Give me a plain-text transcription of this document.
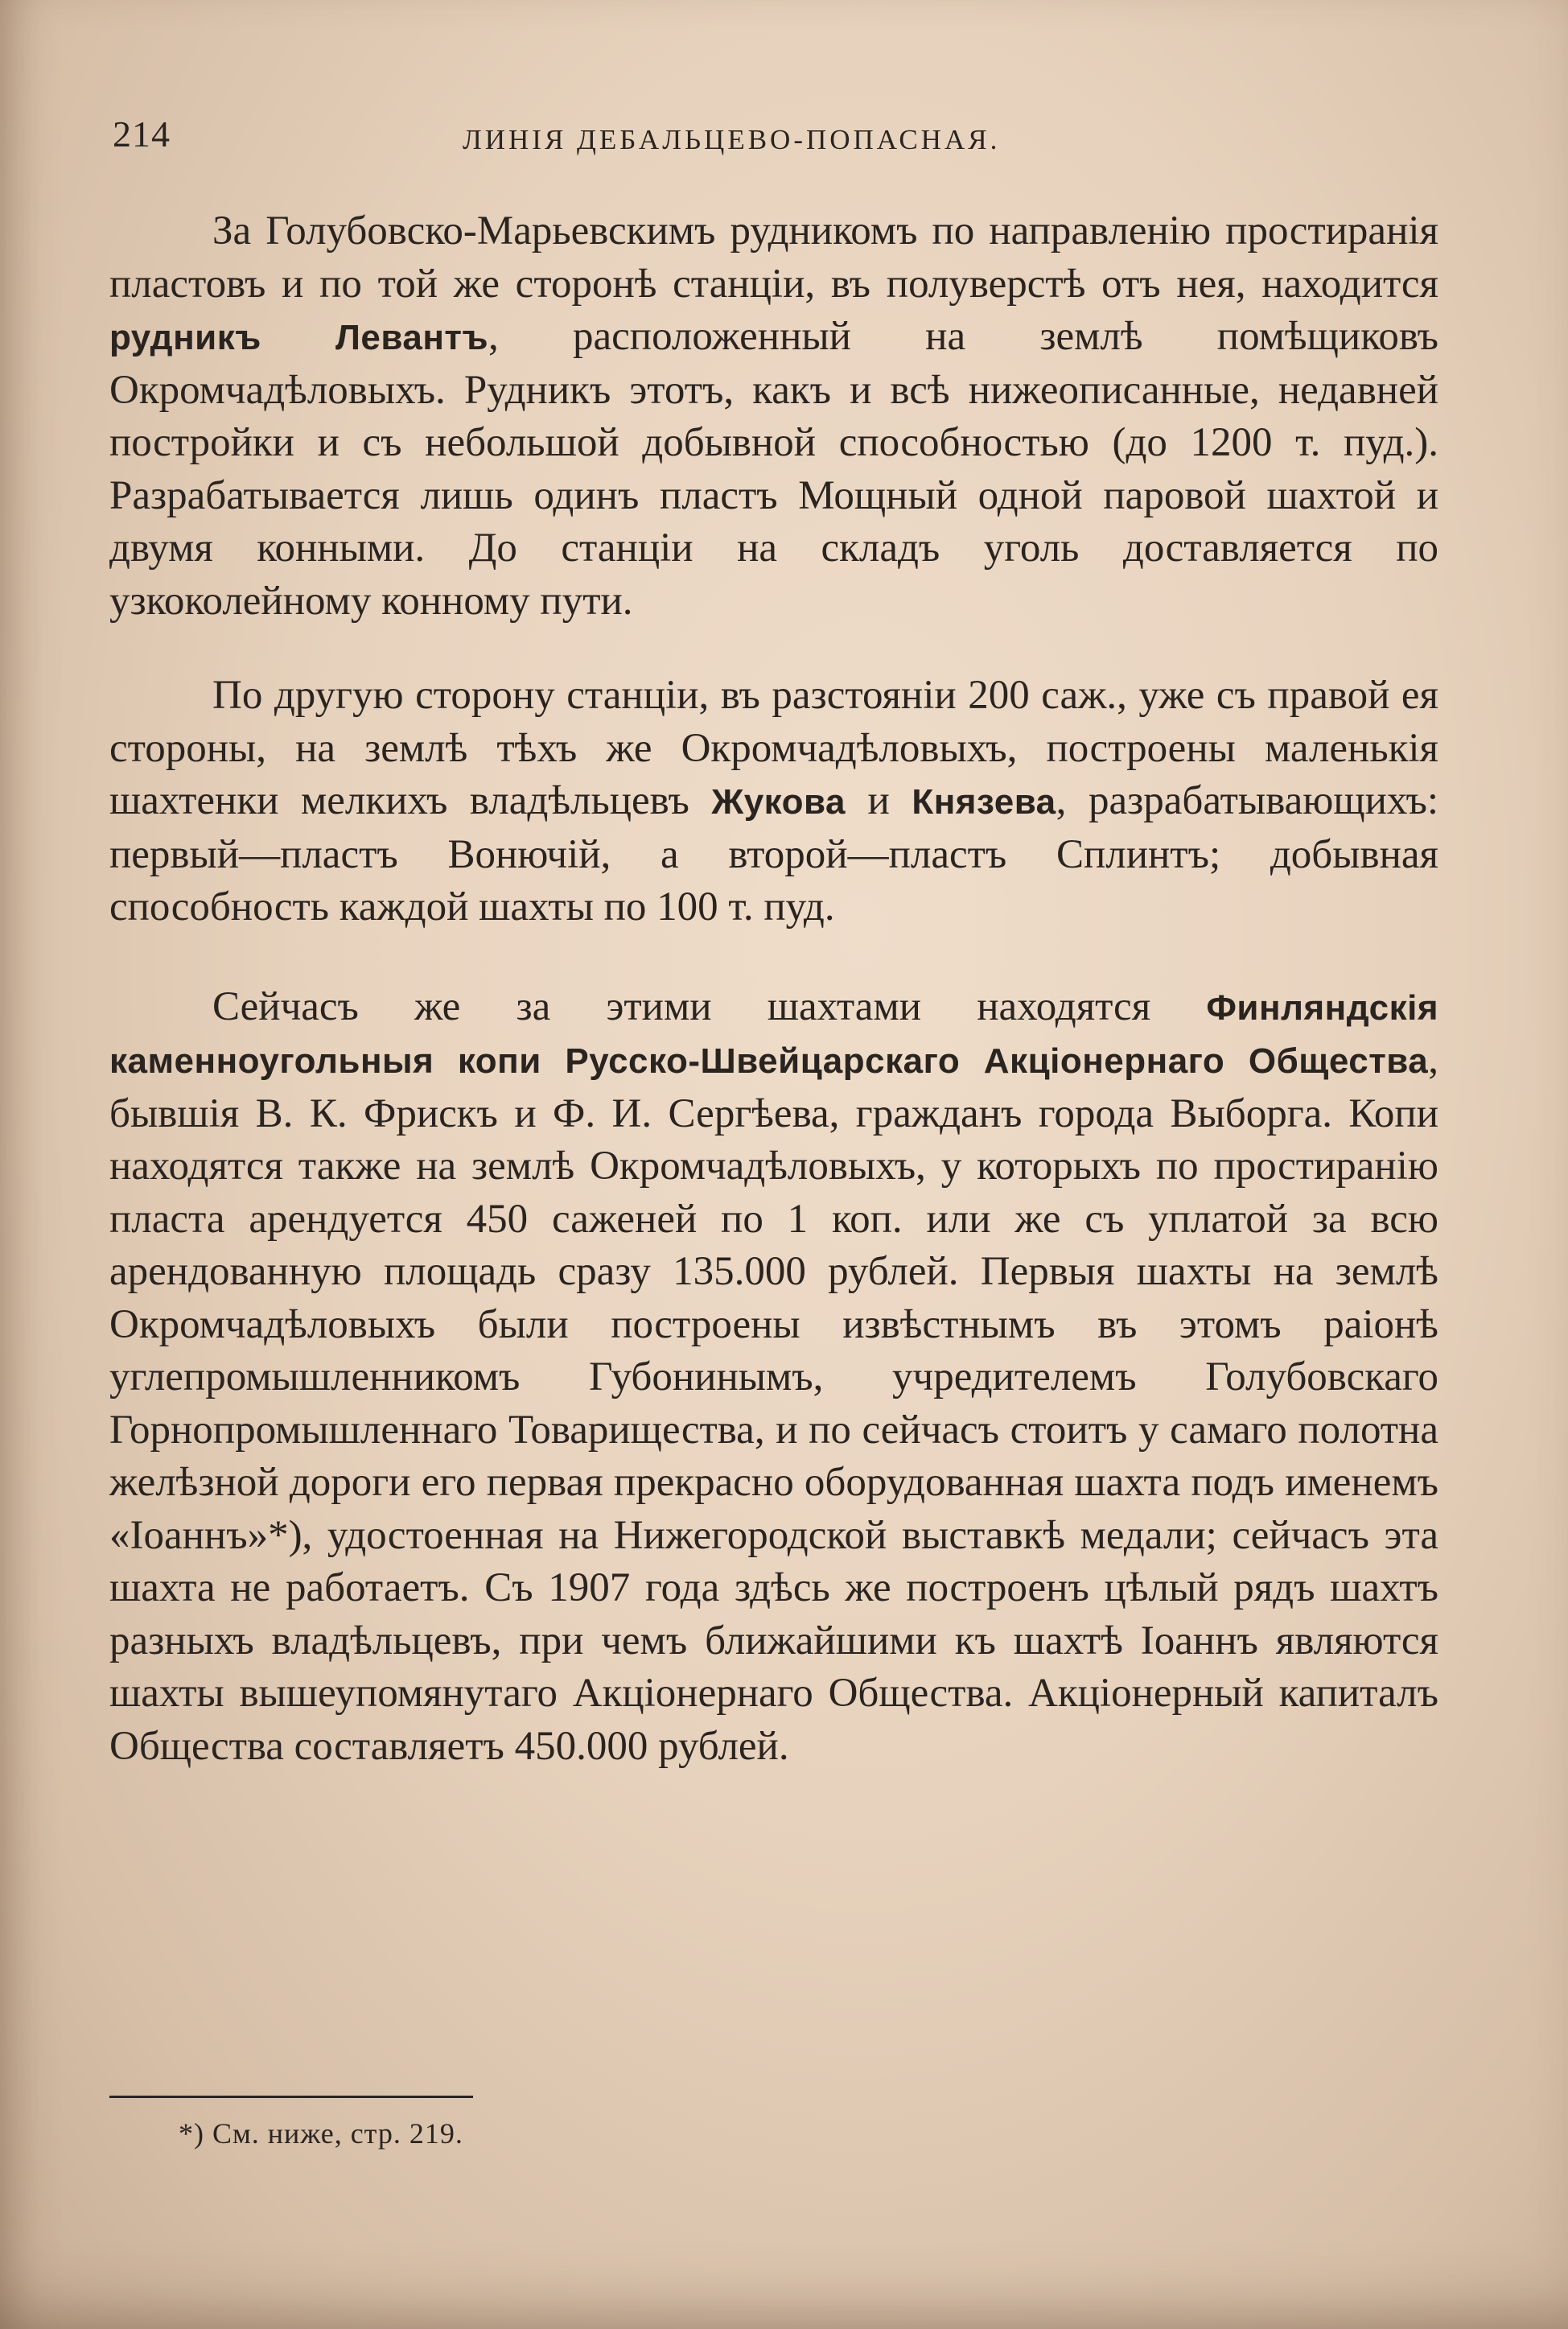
214	ЛИНІЯ ДЕБАЛЬЦЕВО-ПОПАСНАЯ.

За Голубовско-Марьевскимъ рудникомъ по направленію простиранія пластовъ и по той же сторонѣ станціи, въ полуверстѣ отъ нея, находится рудникъ Левантъ, расположенный на землѣ помѣщиковъ Окромчадѣловыхъ. Рудникъ этотъ, какъ и всѣ нижеописанные, недавней постройки и съ небольшой добывной способностью (до 1200 т. пуд.). Разрабатывается лишь одинъ пластъ Мощный одной паровой шахтой и двумя конными. До станціи на складъ уголь доставляется по узкоколейному конному пути.

По другую сторону станціи, въ разстояніи 200 саж., уже съ правой ея стороны, на землѣ тѣхъ же Окромчадѣловыхъ, построены маленькія шахтенки мелкихъ владѣльцевъ Жукова и Князева, разрабатывающихъ: первый—пластъ Вонючій, а второй—пластъ Сплинтъ; добывная способность каждой шахты по 100 т. пуд.

Сейчасъ же за этими шахтами находятся Финляндскія каменноугольныя копи Русско-Швейцарскаго Акціонернаго Общества, бывшія В. К. Фрискъ и Ф. И. Сергѣева, гражданъ города Выборга. Копи находятся также на землѣ Окромчадѣловыхъ, у которыхъ по простиранію пласта арендуется 450 саженей по 1 коп. или же съ уплатой за всю арендованную площадь сразу 135.000 рублей. Первыя шахты на землѣ Окромчадѣловыхъ были построены извѣстнымъ въ этомъ раіонѣ углепромышленникомъ Губонинымъ, учредителемъ Голубовскаго Горнопромышленнаго Товарищества, и по сейчасъ стоитъ у самаго полотна желѣзной дороги его первая прекрасно оборудованная шахта подъ именемъ «Іоаннъ»*), удостоенная на Нижегородской выставкѣ медали; сейчасъ эта шахта не работаетъ. Съ 1907 года здѣсь же построенъ цѣлый рядъ шахтъ разныхъ владѣльцевъ, при чемъ ближайшими къ шахтѣ Іоаннъ являются шахты вышеупомянутаго Акціонернаго Общества. Акціонерный капиталъ Общества составляетъ 450.000 рублей.

*) См. ниже, стр. 219.
